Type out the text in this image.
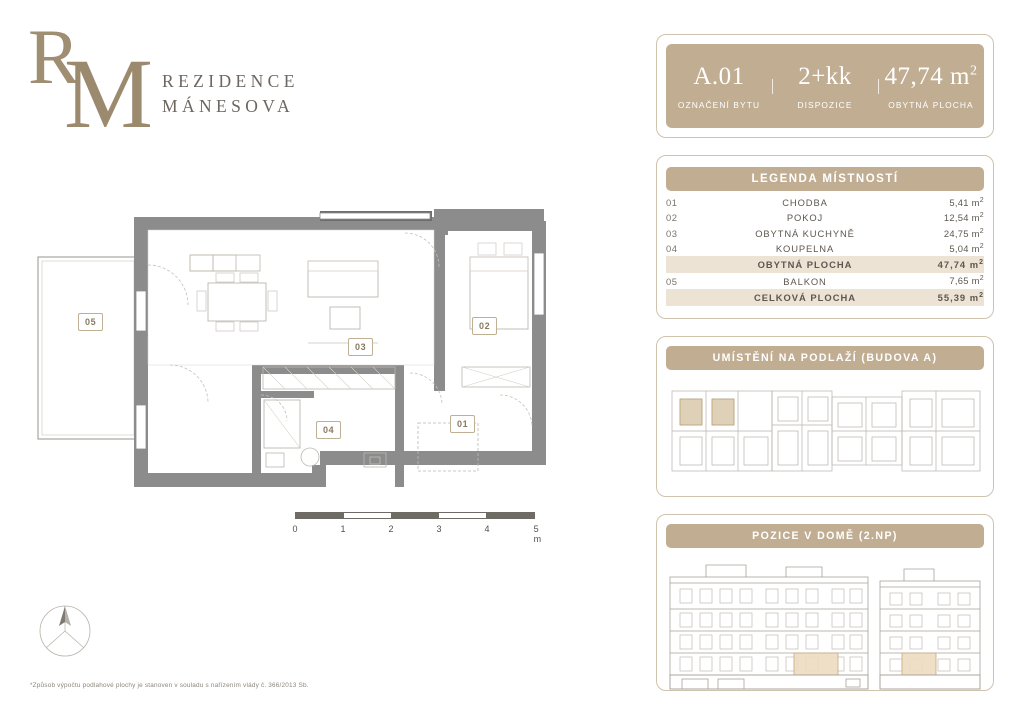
R
M REZIDENCE
MÁNESOVA
05
03
02
04
01
0	1	2	3	4	5 m
*Způsob výpočtu podlahové plochy je stanoven v souladu s nařízením vlády č. 366/2013 Sb.
A.01
OZNAČENÍ BYTU
2+kk
DISPOZICE
47,74 $m^2$
OBYTNÁ PLOCHA
LEGENDA MÍSTNOSTÍ
01	CHODBA	5,41 $m^2$
02	POKOJ	12,54 $m^2$
03	OBYTNÁ KUCHYNĚ	24,75 $m^2$
04	KOUPELNA	5,04 $m^2$
	OBYTNÁ PLOCHA	47,74 $m^2$
05	BALKON	7,65 $m^2$
	CELKOVÁ PLOCHA	55,39 $m^2$
UMÍSTĚNÍ NA PODLAŽÍ (BUDOVA A)
POZICE V DOMĚ (2.NP)
